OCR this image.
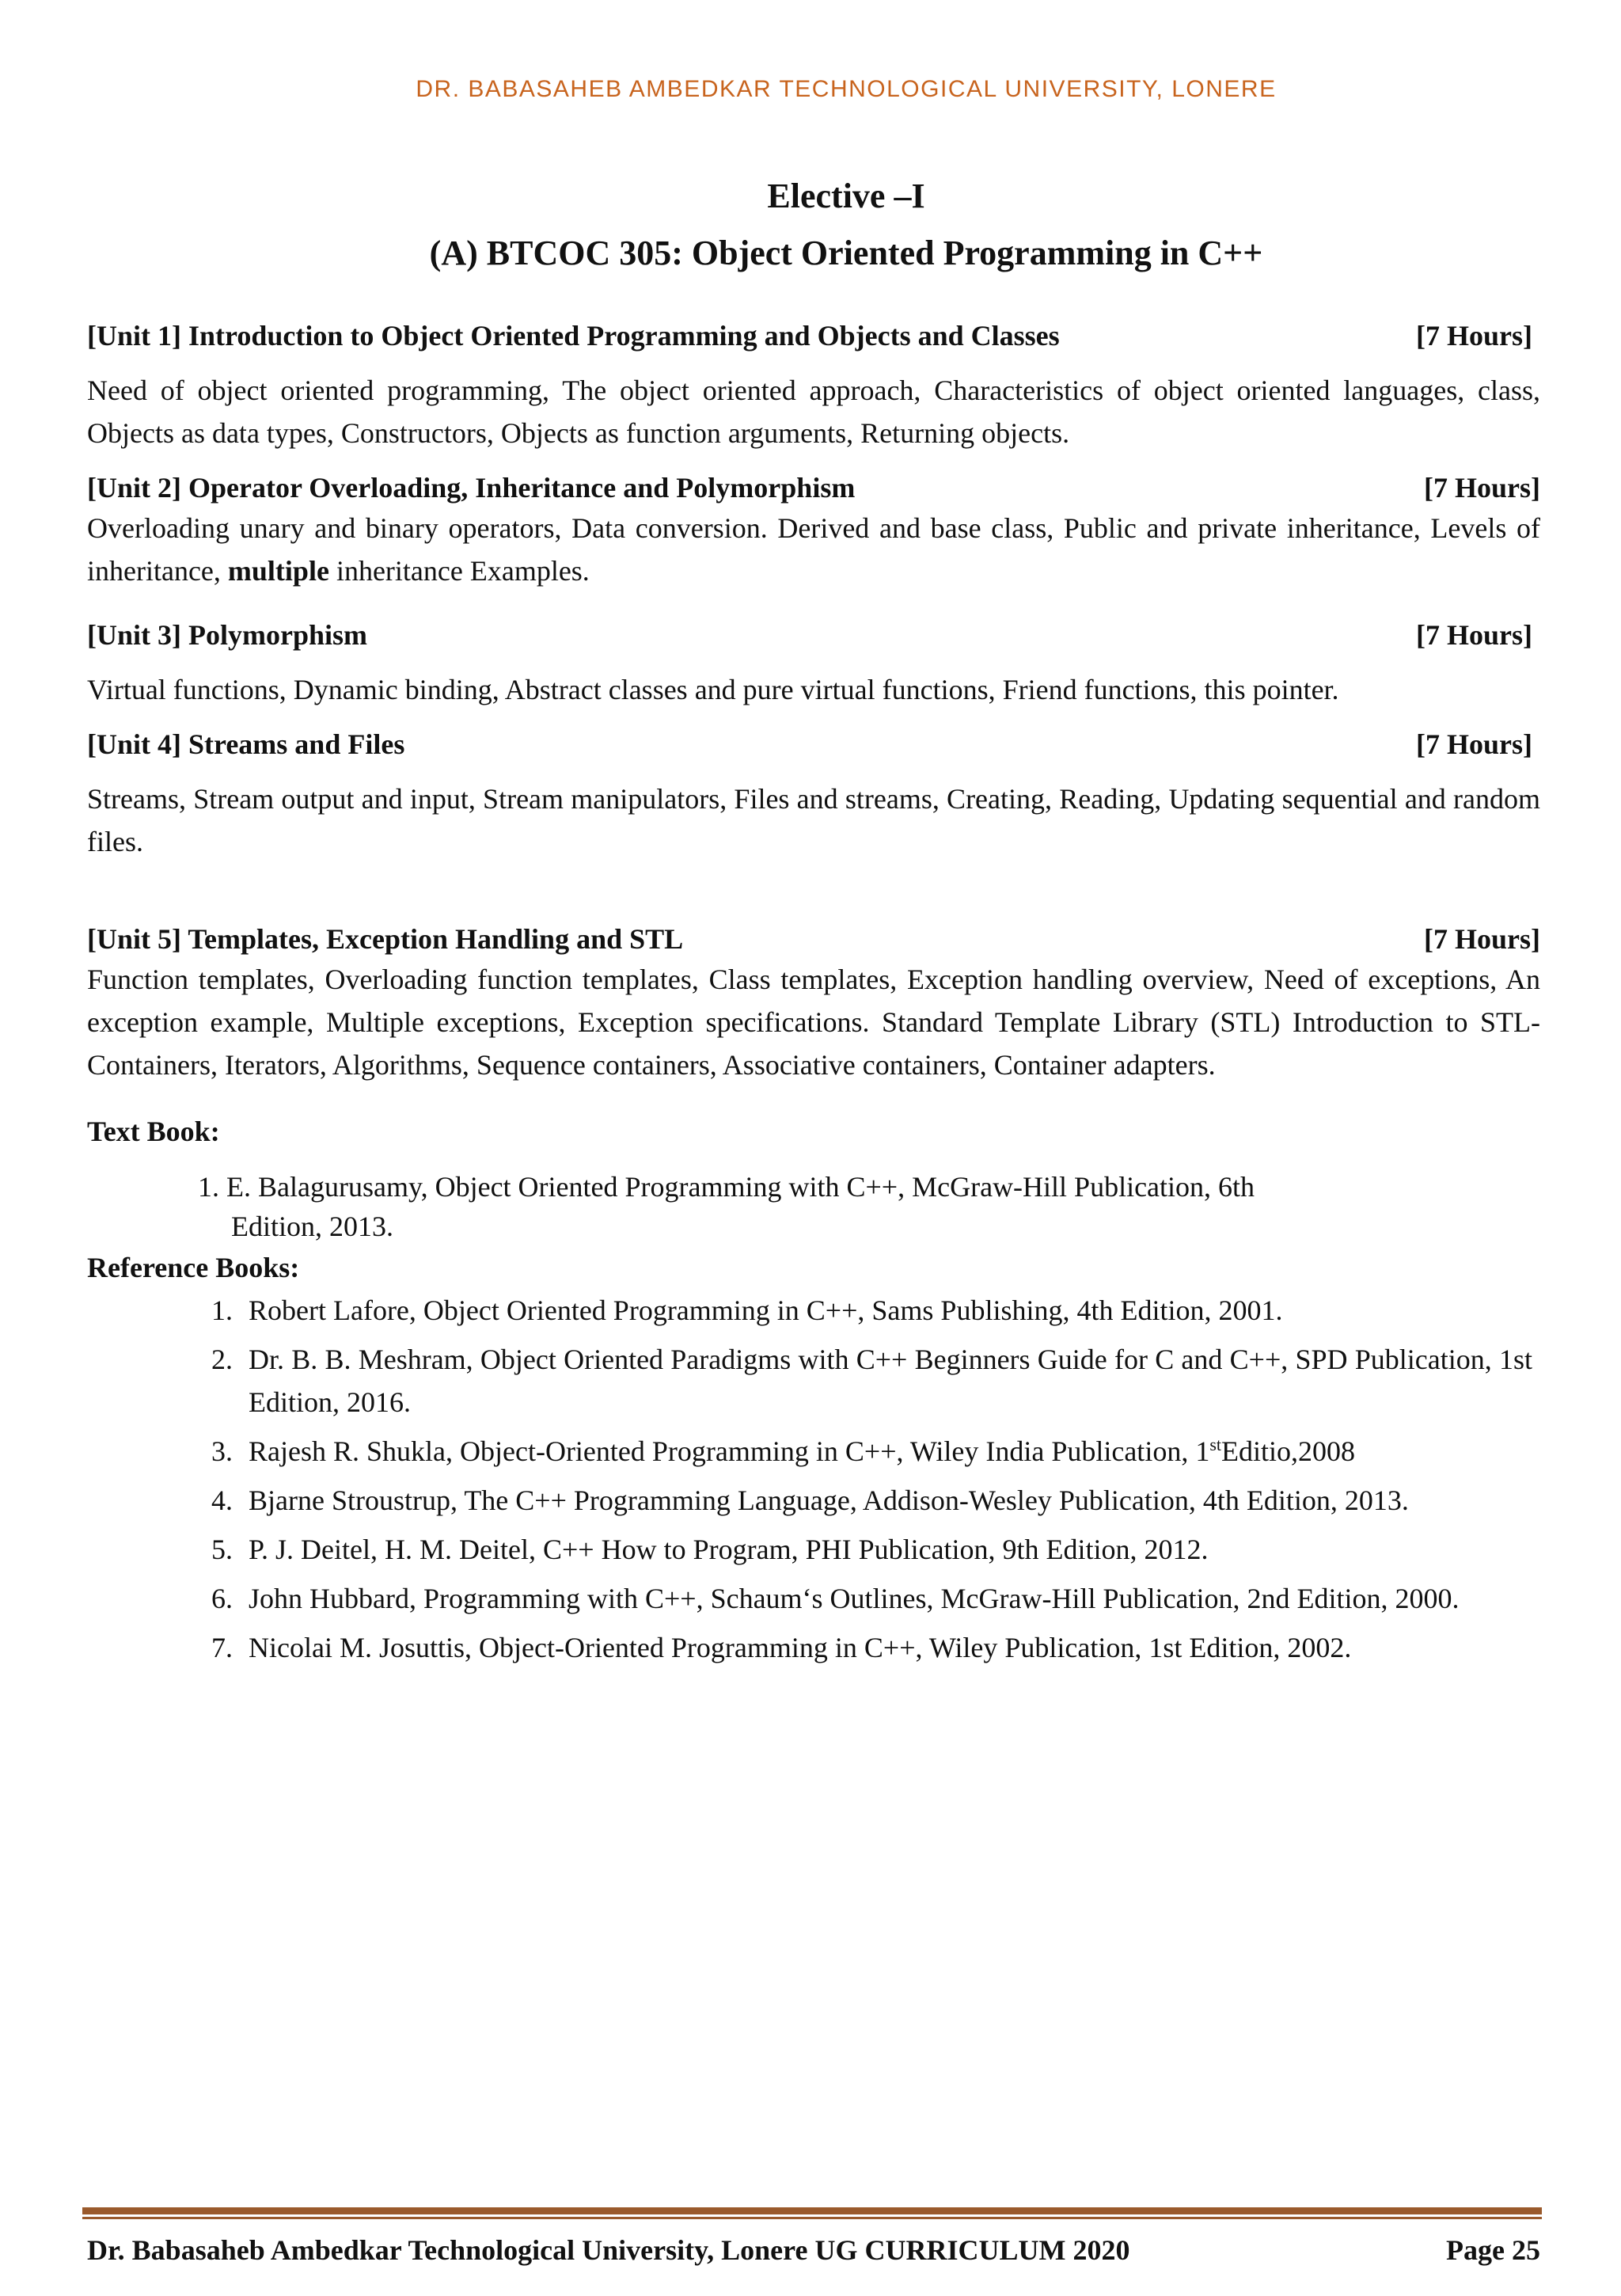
DR. BABASAHEB AMBEDKAR TECHNOLOGICAL UNIVERSITY, LONERE
Elective –I
(A) BTCOC 305: Object Oriented Programming in C++
[Unit 1] Introduction to Object Oriented Programming and Objects and Classes	[7 Hours]
Need of object oriented programming, The object oriented approach, Characteristics of object oriented languages, class, Objects as data types, Constructors, Objects as function arguments, Returning objects.
[Unit 2] Operator Overloading, Inheritance and Polymorphism	[7 Hours]
Overloading unary and binary operators, Data conversion. Derived and base class, Public and private inheritance, Levels of inheritance, multiple inheritance Examples.
[Unit 3] Polymorphism	[7 Hours]
Virtual functions, Dynamic binding, Abstract classes and pure virtual functions, Friend functions, this pointer.
[Unit 4] Streams and Files	[7 Hours]
Streams, Stream output and input, Stream manipulators, Files and streams, Creating, Reading, Updating sequential and random files.
[Unit 5] Templates, Exception Handling and STL	[7 Hours]
Function templates, Overloading function templates, Class templates, Exception handling overview, Need of exceptions, An exception example, Multiple exceptions, Exception specifications. Standard Template Library (STL) Introduction to STL-Containers, Iterators, Algorithms, Sequence containers, Associative containers, Container adapters.
Text Book:
1. E. Balagurusamy, Object Oriented Programming with C++, McGraw-Hill Publication, 6th
Edition, 2013.
Reference Books:
1. Robert Lafore, Object Oriented Programming in C++, Sams Publishing, 4th Edition, 2001.
2. Dr. B. B. Meshram, Object Oriented Paradigms with C++ Beginners Guide for C and C++, SPD Publication, 1st Edition, 2016.
3. Rajesh R. Shukla, Object-Oriented Programming in C++, Wiley India Publication, 1stEditio,2008
4. Bjarne Stroustrup, The C++ Programming Language, Addison-Wesley Publication, 4th Edition, 2013.
5. P. J. Deitel, H. M. Deitel, C++ How to Program, PHI Publication, 9th Edition, 2012.
6. John Hubbard, Programming with C++, Schaum‘s Outlines, McGraw-Hill Publication, 2nd Edition, 2000.
7. Nicolai M. Josuttis, Object-Oriented Programming in C++, Wiley Publication, 1st Edition, 2002.
Dr. Babasaheb Ambedkar Technological University, Lonere UG CURRICULUM 2020	Page 25
